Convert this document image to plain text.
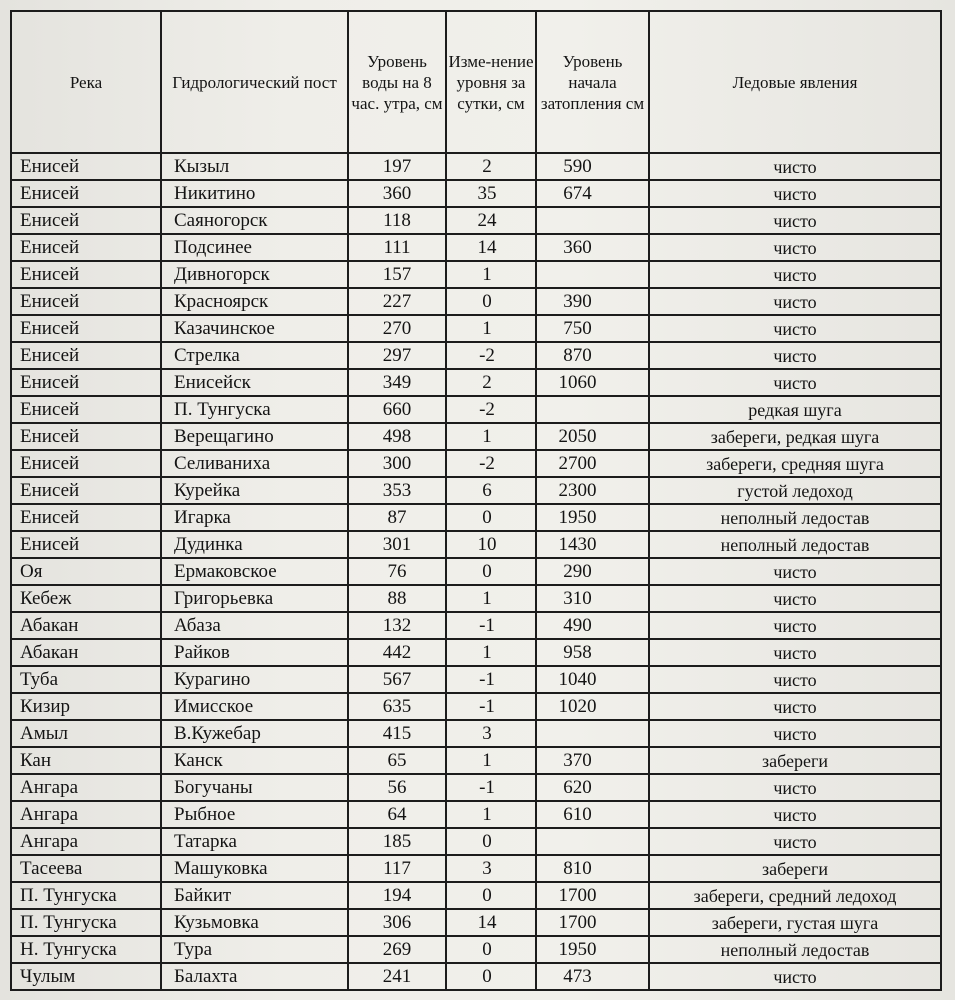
Река	Гидрологический пост	Уровень воды на 8 час. утра, см	Изме-нение уровня за сутки, см	Уровень начала затопления см	Ледовые явления
Енисей	Кызыл	197	2	590	чисто
Енисей	Никитино	360	35	674	чисто
Енисей	Саяногорск	118	24		чисто
Енисей	Подсинее	111	14	360	чисто
Енисей	Дивногорск	157	1		чисто
Енисей	Красноярск	227	0	390	чисто
Енисей	Казачинское	270	1	750	чисто
Енисей	Стрелка	297	-2	870	чисто
Енисей	Енисейск	349	2	1060	чисто
Енисей	П. Тунгуска	660	-2		редкая шуга
Енисей	Верещагино	498	1	2050	забереги, редкая шуга
Енисей	Селиваниха	300	-2	2700	забереги, средняя шуга
Енисей	Курейка	353	6	2300	густой ледоход
Енисей	Игарка	87	0	1950	неполный ледостав
Енисей	Дудинка	301	10	1430	неполный ледостав
Оя	Ермаковское	76	0	290	чисто
Кебеж	Григорьевка	88	1	310	чисто
Абакан	Абаза	132	-1	490	чисто
Абакан	Райков	442	1	958	чисто
Туба	Курагино	567	-1	1040	чисто
Кизир	Имисское	635	-1	1020	чисто
Амыл	В.Кужебар	415	3		чисто
Кан	Канск	65	1	370	забереги
Ангара	Богучаны	56	-1	620	чисто
Ангара	Рыбное	64	1	610	чисто
Ангара	Татарка	185	0		чисто
Тасеева	Машуковка	117	3	810	забереги
П. Тунгуска	Байкит	194	0	1700	забереги, средний ледоход
П. Тунгуска	Кузьмовка	306	14	1700	забереги, густая шуга
Н. Тунгуска	Тура	269	0	1950	неполный ледостав
Чулым	Балахта	241	0	473	чисто
